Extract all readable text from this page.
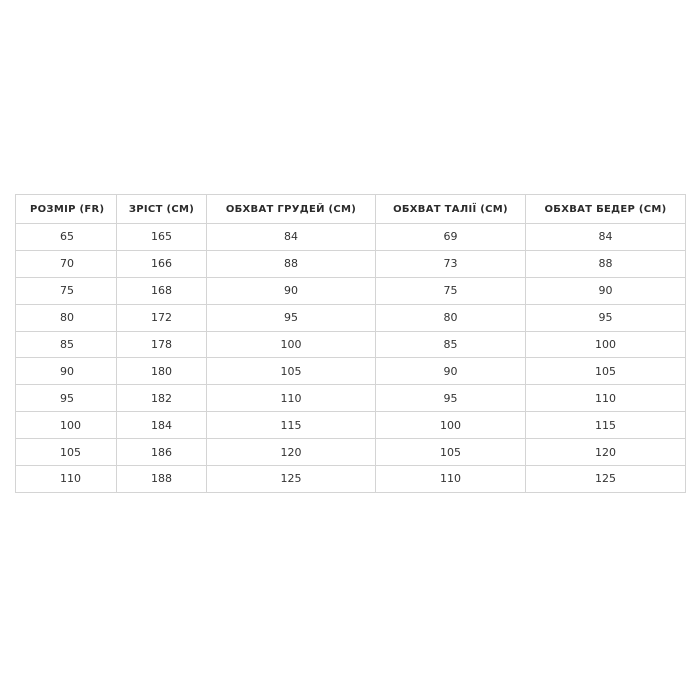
РОЗМІР (FR)	ЗРІСТ (СМ)	ОБХВАТ ГРУДЕЙ (СМ)	ОБХВАТ ТАЛІЇ (СМ)	ОБХВАТ БЕДЕР (СМ)
65	165	84	69	84
70	166	88	73	88
75	168	90	75	90
80	172	95	80	95
85	178	100	85	100
90	180	105	90	105
95	182	110	95	110
100	184	115	100	115
105	186	120	105	120
110	188	125	110	125
